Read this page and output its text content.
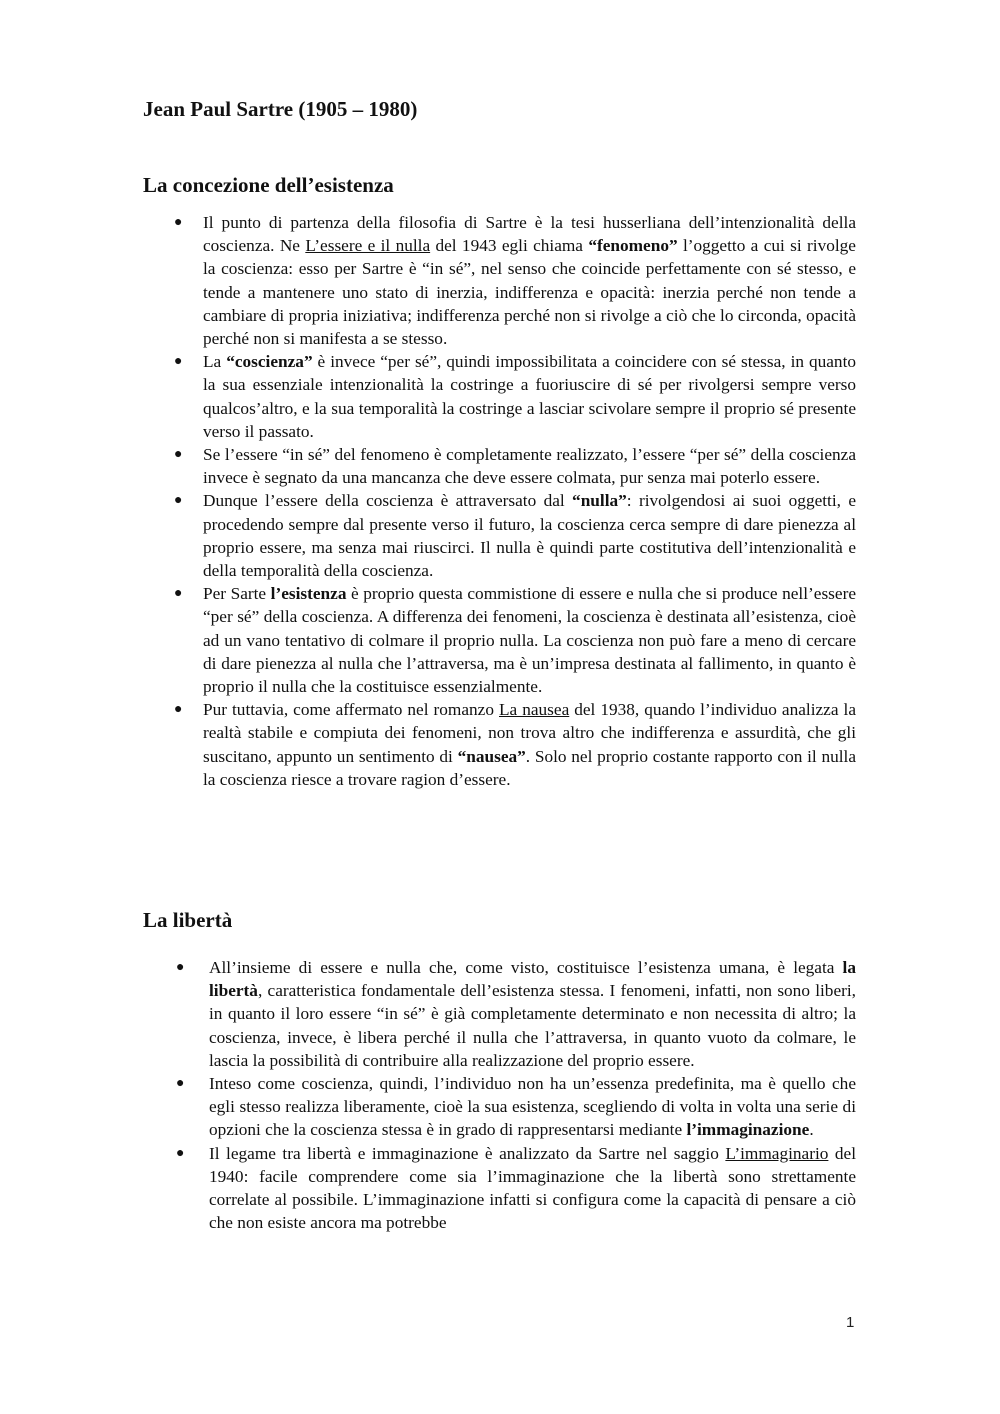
Jean Paul Sartre (1905 – 1980)
La concezione dell’esistenza
● Il punto di partenza della filosofia di Sartre è la tesi husserliana dell’intenzionalità della coscienza. Ne L’essere e il nulla del 1943 egli chiama “fenomeno” l’oggetto a cui si rivolge la coscienza: esso per Sartre è “in sé”, nel senso che coincide perfettamente con sé stesso, e tende a mantenere uno stato di inerzia, indifferenza e opacità: inerzia perché non tende a cambiare di propria iniziativa; indifferenza perché non si rivolge a ciò che lo circonda, opacità perché non si manifesta a se stesso.
● La “coscienza” è invece “per sé”, quindi impossibilitata a coincidere con sé stessa, in quanto la sua essenziale intenzionalità la costringe a fuoriuscire di sé per rivolgersi sempre verso qualcos’altro, e la sua temporalità la costringe a lasciar scivolare sempre il proprio sé presente verso il passato.
● Se l’essere “in sé” del fenomeno è completamente realizzato, l’essere “per sé” della coscienza invece è segnato da una mancanza che deve essere colmata, pur senza mai poterlo essere.
● Dunque l’essere della coscienza è attraversato dal “nulla”: rivolgendosi ai suoi oggetti, e procedendo sempre dal presente verso il futuro, la coscienza cerca sempre di dare pienezza al proprio essere, ma senza mai riuscirci. Il nulla è quindi parte costitutiva dell’intenzionalità e della temporalità della coscienza.
● Per Sarte l’esistenza è proprio questa commistione di essere e nulla che si produce nell’essere “per sé” della coscienza. A differenza dei fenomeni, la coscienza è destinata all’esistenza, cioè ad un vano tentativo di colmare il proprio nulla. La coscienza non può fare a meno di cercare di dare pienezza al nulla che l’attraversa, ma è un’impresa destinata al fallimento, in quanto è proprio il nulla che la costituisce essenzialmente.
● Pur tuttavia, come affermato nel romanzo La nausea del 1938, quando l’individuo analizza la realtà stabile e compiuta dei fenomeni, non trova altro che indifferenza e assurdità, che gli suscitano, appunto un sentimento di “nausea”. Solo nel proprio costante rapporto con il nulla la coscienza riesce a trovare ragion d’essere.
La libertà
● All’insieme di essere e nulla che, come visto, costituisce l’esistenza umana, è legata la libertà, caratteristica fondamentale dell’esistenza stessa. I fenomeni, infatti, non sono liberi, in quanto il loro essere “in sé” è già completamente determinato e non necessita di altro; la coscienza, invece, è libera perché il nulla che l’attraversa, in quanto vuoto da colmare, le lascia la possibilità di contribuire alla realizzazione del proprio essere.
● Inteso come coscienza, quindi, l’individuo non ha un’essenza predefinita, ma è quello che egli stesso realizza liberamente, cioè la sua esistenza, scegliendo di volta in volta una serie di opzioni che la coscienza stessa è in grado di rappresentarsi mediante l’immaginazione.
● Il legame tra libertà e immaginazione è analizzato da Sartre nel saggio L’immaginario del 1940: facile comprendere come sia l’immaginazione che la libertà sono strettamente correlate al possibile. L’immaginazione infatti si configura come la capacità di pensare a ciò che non esiste ancora ma potrebbe
1
